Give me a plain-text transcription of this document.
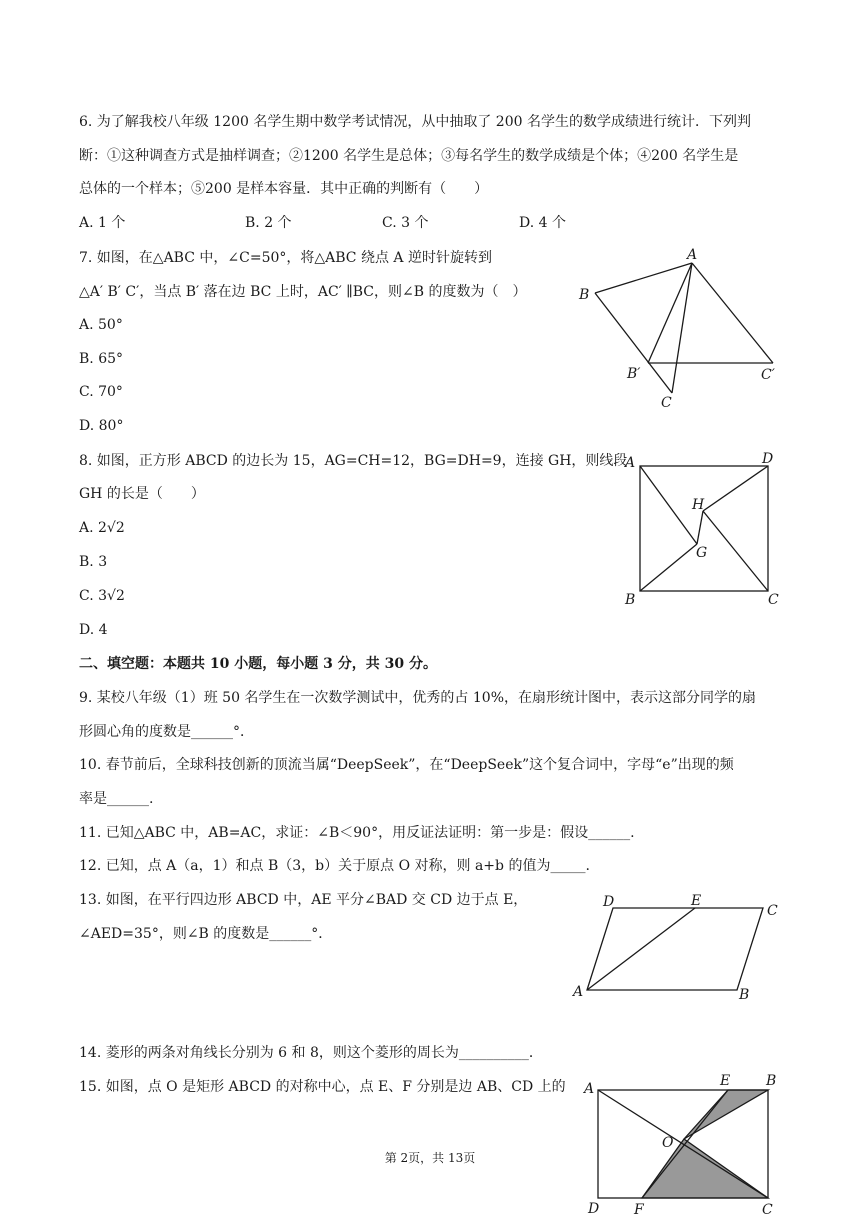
6. 为了解我校八年级 1200 名学生期中数学考试情况，从中抽取了 200 名学生的数学成绩进行统计．下列判
断：①这种调查方式是抽样调查；②1200 名学生是总体；③每名学生的数学成绩是个体；④200 名学生是
总体的一个样本；⑤200 是样本容量．其中正确的判断有（　　）
A. 1 个	B. 2 个	C. 3 个	D. 4 个
7. 如图，在△ABC 中，∠C=50°，将△ABC 绕点 A 逆时针旋转到
△A′ B′ C′，当点 B′ 落在边 BC 上时，AC′ ∥BC，则∠B 的度数为（　）
A. 50°
B. 65°
C. 70°
D. 80°
A
B
C
B′	C′
8. 如图，正方形 ABCD 的边长为 15，AG=CH=12，BG=DH=9，连接 GH，则线段
GH 的长是（　　）
A. 2√2
B. 3
C. 3√2
D. 4
A	D
B	C
H
G
二、填空题：本题共 10 小题，每小题 3 分，共 30 分。
9. 某校八年级（1）班 50 名学生在一次数学测试中，优秀的占 10%，在扇形统计图中，表示这部分同学的扇
形圆心角的度数是______°．
10. 春节前后，全球科技创新的顶流当属“DeepSeek”，在“DeepSeek”这个复合词中，字母“e”出现的频
率是______.
11. 已知△ABC 中，AB=AC，求证：∠B＜90°，用反证法证明：第一步是：假设______.
12. 已知，点 A（a，1）和点 B（3，b）关于原点 O 对称，则 a+b 的值为_____.
13. 如图，在平行四边形 ABCD 中，AE 平分∠BAD 交 CD 边于点 E，
∠AED=35°，则∠B 的度数是______°．
D	E
C
A	B
14. 菱形的两条对角线长分别为 6 和 8，则这个菱形的周长为__________．
15. 如图，点 O 是矩形 ABCD 的对称中心，点 E、F 分别是边 AB、CD 上的 A	E	B
O
D F	C
第 2页，共 13页
